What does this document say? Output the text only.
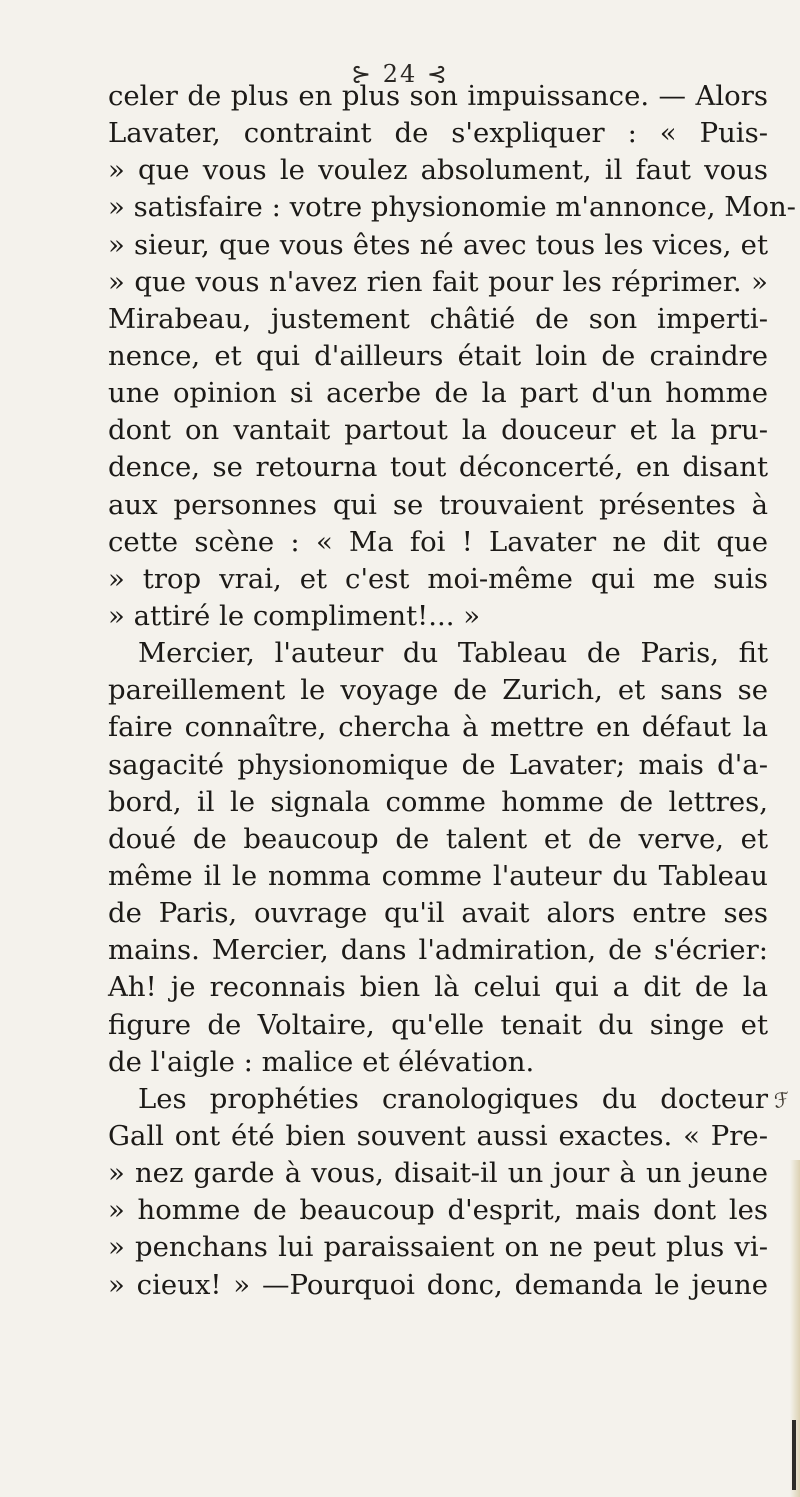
⊱ 24 ⊰
celer de plus en plus son impuissance. — Alors
Lavater, contraint de s'expliquer : « Puis-
» que vous le voulez absolument, il faut vous
» satisfaire : votre physionomie m'annonce, Mon-
» sieur, que vous êtes né avec tous les vices, et
» que vous n'avez rien fait pour les réprimer. »
Mirabeau, justement châtié de son imperti-
nence, et qui d'ailleurs était loin de craindre
une opinion si acerbe de la part d'un homme
dont on vantait partout la douceur et la pru-
dence, se retourna tout déconcerté, en disant
aux personnes qui se trouvaient présentes à
cette scène : « Ma foi ! Lavater ne dit que
» trop vrai, et c'est moi-même qui me suis
» attiré le compliment!... »
Mercier, l'auteur du Tableau de Paris, fit
pareillement le voyage de Zurich, et sans se
faire connaître, chercha à mettre en défaut la
sagacité physionomique de Lavater; mais d'a-
bord, il le signala comme homme de lettres,
doué de beaucoup de talent et de verve, et
même il le nomma comme l'auteur du Tableau
de Paris, ouvrage qu'il avait alors entre ses
mains. Mercier, dans l'admiration, de s'écrier:
Ah! je reconnais bien là celui qui a dit de la
figure de Voltaire, qu'elle tenait du singe et
de l'aigle : malice et élévation.
Les prophéties cranologiques du docteur
Gall ont été bien souvent aussi exactes. « Pre-
» nez garde à vous, disait-il un jour à un jeune
» homme de beaucoup d'esprit, mais dont les
» penchans lui paraissaient on ne peut plus vi-
» cieux! » —Pourquoi donc, demanda le jeune
ℱ
